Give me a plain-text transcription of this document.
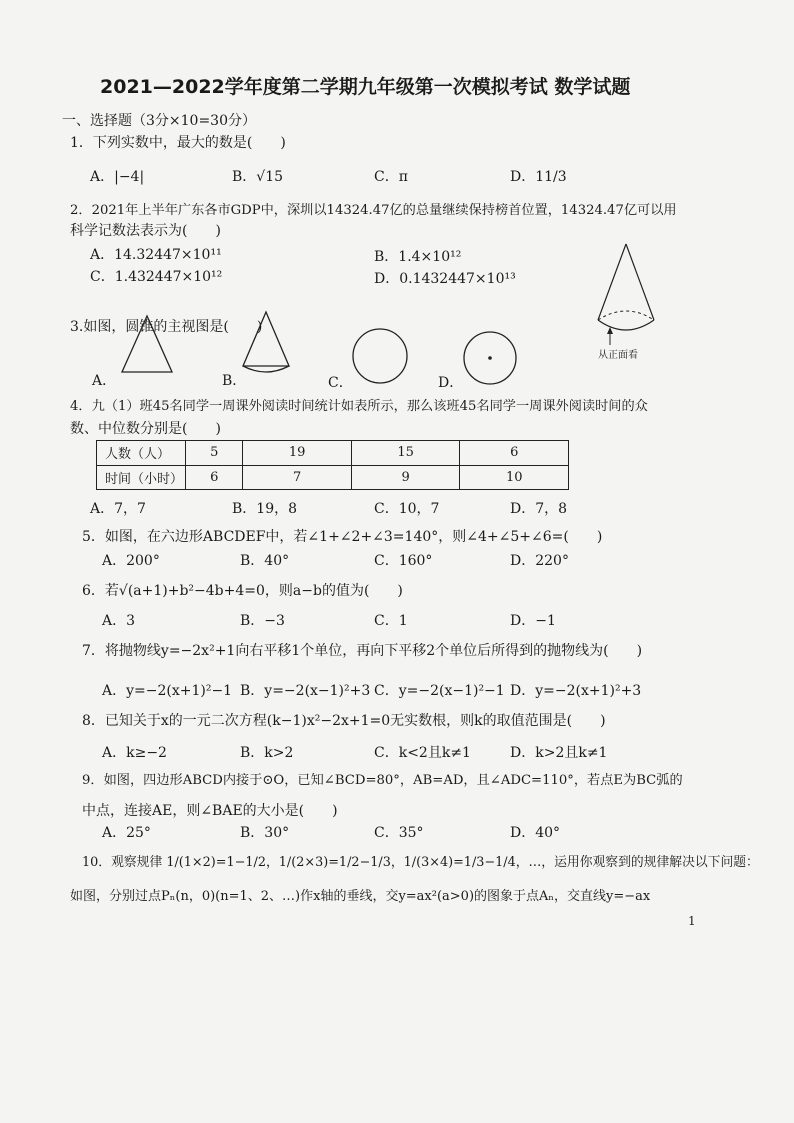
2021—2022学年度第二学期九年级第一次模拟考试 数学试题
一、选择题（3分×10=30分）
1．下列实数中，最大的数是(　　)
A．|−4|	B．√15	C．π	D．11/3
2．2021年上半年广东各市GDP中，深圳以14324.47亿的总量继续保持榜首位置，14324.47亿可以用
科学记数法表示为(　　)
A．14.32447×10¹¹	B．1.4×10¹²
C．1.432447×10¹²	D．0.1432447×10¹³
3.如图，圆锥的主视图是(　　)
A．	B．	C．	D．
从正面看
4．九（1）班45名同学一周课外阅读时间统计如表所示，那么该班45名同学一周课外阅读时间的众
数、中位数分别是(　　)
人数（人）	5	19	15	6
时间（小时）	6	7	9	10
A．7，7	B．19，8	C．10，7	D．7，8
5．如图，在六边形ABCDEF中，若∠1+∠2+∠3=140°，则∠4+∠5+∠6=(　　)
A．200°	B．40°	C．160°	D．220°
6．若√(a+1)+b²−4b+4=0，则a−b的值为(　　)
A．3	B．−3	C．1	D．−1
7．将抛物线y=−2x²+1向右平移1个单位，再向下平移2个单位后所得到的抛物线为(　　)
A．y=−2(x+1)²−1 B．y=−2(x−1)²+3 C．y=−2(x−1)²−1 D．y=−2(x+1)²+3
8．已知关于x的一元二次方程(k−1)x²−2x+1=0无实数根，则k的取值范围是(　　)
A．k≥−2	B．k>2	C．k<2且k≠1	D．k>2且k≠1
9．如图，四边形ABCD内接于⊙O，已知∠BCD=80°，AB=AD，且∠ADC=110°，若点E为BC弧的
中点，连接AE，则∠BAE的大小是(　　)
A．25°	B．30°	C．35°	D．40°
10．观察规律 1/(1×2)=1−1/2，1/(2×3)=1/2−1/3，1/(3×4)=1/3−1/4，…，运用你观察到的规律解决以下问题：
如图，分别过点Pₙ(n，0)(n=1、2、…)作x轴的垂线，交y=ax²(a>0)的图象于点Aₙ，交直线y=−ax
1
